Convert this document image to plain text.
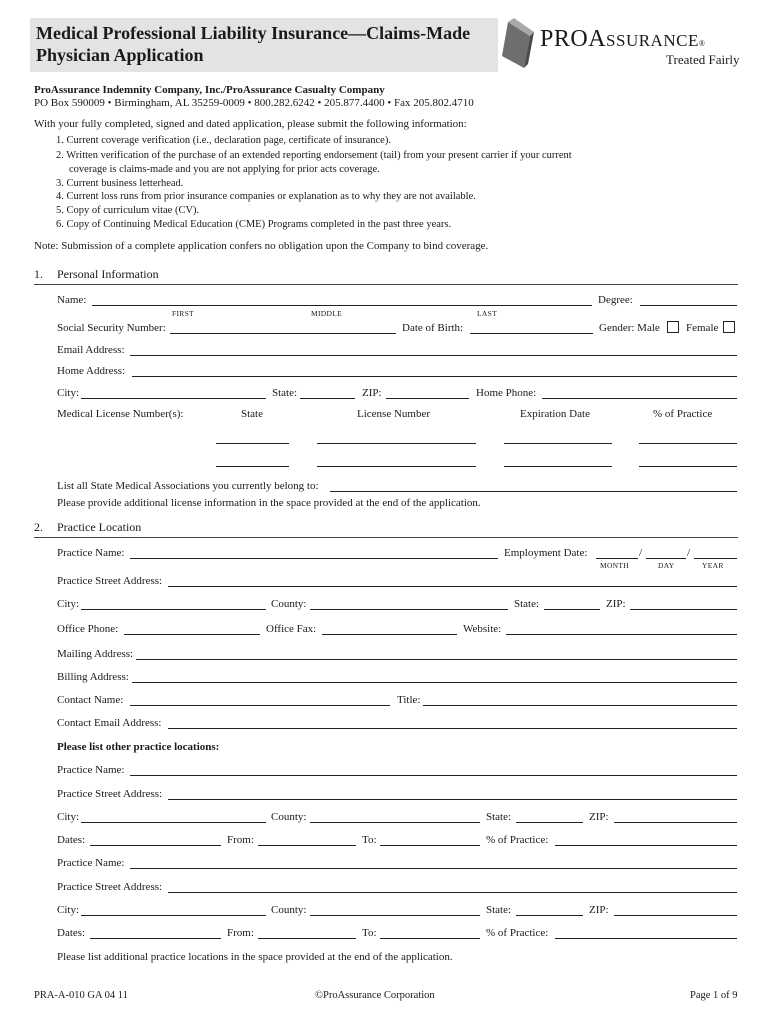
Medical Professional Liability Insurance—Claims-Made
Physician Application
PROASSURANCE®
Treated Fairly
ProAssurance Indemnity Company, Inc./ProAssurance Casualty Company
PO Box 590009 • Birmingham, AL 35259-0009 • 800.282.6242 • 205.877.4400 • Fax 205.802.4710
With your fully completed, signed and dated application, please submit the following information:
1. Current coverage verification (i.e., declaration page, certificate of insurance).
2. Written verification of the purchase of an extended reporting endorsement (tail) from your present carrier if your current
coverage is claims-made and you are not applying for prior acts coverage.
3. Current business letterhead.
4. Current loss runs from prior insurance companies or explanation as to why they are not available.
5. Copy of curriculum vitae (CV).
6. Copy of Continuing Medical Education (CME) Programs completed in the past three years.
Note: Submission of a complete application confers no obligation upon the Company to bind coverage.
1. Personal Information
Name:	Degree:
FIRST	MIDDLE	LAST
Social Security Number:	Date of Birth:	Gender: Male Female
Email Address:
Home Address:
City:	State:	ZIP:	Home Phone:
Medical License Number(s):	State	License Number	Expiration Date	% of Practice
List all State Medical Associations you currently belong to:
Please provide additional license information in the space provided at the end of the application.
2. Practice Location
Practice Name:	Employment Date:	/	/
MONTH	DAY	YEAR
Practice Street Address:
City:	County:	State:	ZIP:
Office Phone:	Office Fax:	Website:
Mailing Address:
Billing Address:
Contact Name:	Title:
Contact Email Address:
Please list other practice locations:
Practice Name:
Practice Street Address:
City:	County:	State:	ZIP:
Dates:	From:	To:	% of Practice:
Practice Name:
Practice Street Address:
City:	County:	State:	ZIP:
Dates:	From:	To:	% of Practice:
Please list additional practice locations in the space provided at the end of the application.
PRA-A-010 GA 04 11	©ProAssurance Corporation	Page 1 of 9
